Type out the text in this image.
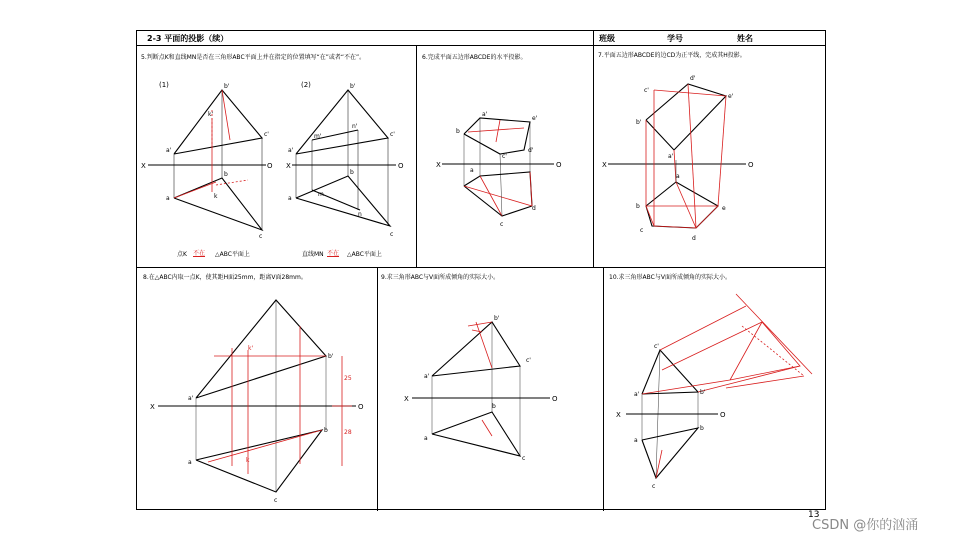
2-3 平面的投影（续）	班级	学号	姓名
5.判断点K和直线MN是否在三角形ABC平面上并在指定的位置填写“在”或者“不在”。	6.完成平面五边形ABCDE的水平投影。	7.平面五边形ABCDE的边CD为正平线，完成其H投影。
8.在△ABC内取一点K，使其距H面25mm，距离V面28mm。	9.求三角形ABC与V面所成倾角的实际大小。	10.求三角形ABC与V面所成倾角的实际大小。
(1)	(2)
点K 不在 △ABC平面上	直线MN 不在 △ABC平面上
X	O
b'
a'
c'
a
b
c
k'
k
X	O
b'
a'
c'
m'
n'
a
b
c
m
n
X	O
b
a'
e'
d'
c'
a
d
c
X	O
d'
c'
e'
b'
a'
a
b	e
c
d
X	O
a'
b'
a
b
c
k'
k
25
28
X	O
b'
a'
c'
a
b
c
X	O
c'
a'	b'
a
b
c
13
CSDN @你的汹涌
